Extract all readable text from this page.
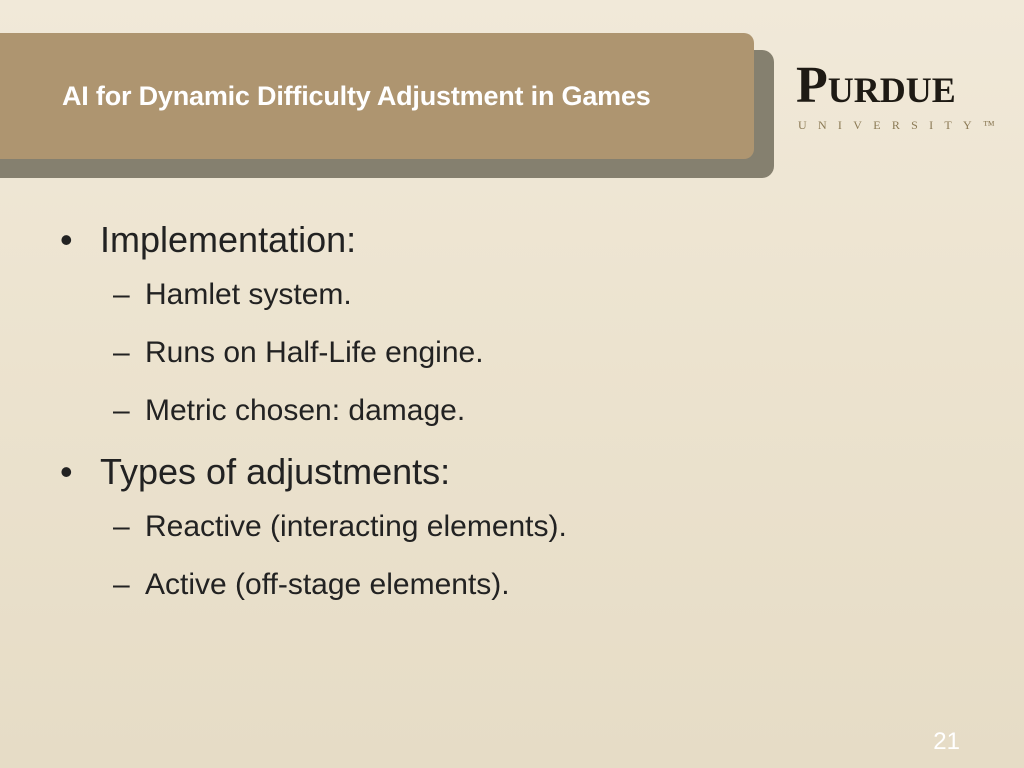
AI for Dynamic Difficulty Adjustment in Games	Purdue
UNIVERSITY™
• Implementation:
– Hamlet system.
– Runs on Half-Life engine.
– Metric chosen: damage.
• Types of adjustments:
– Reactive (interacting elements).
– Active (off-stage elements).
21
